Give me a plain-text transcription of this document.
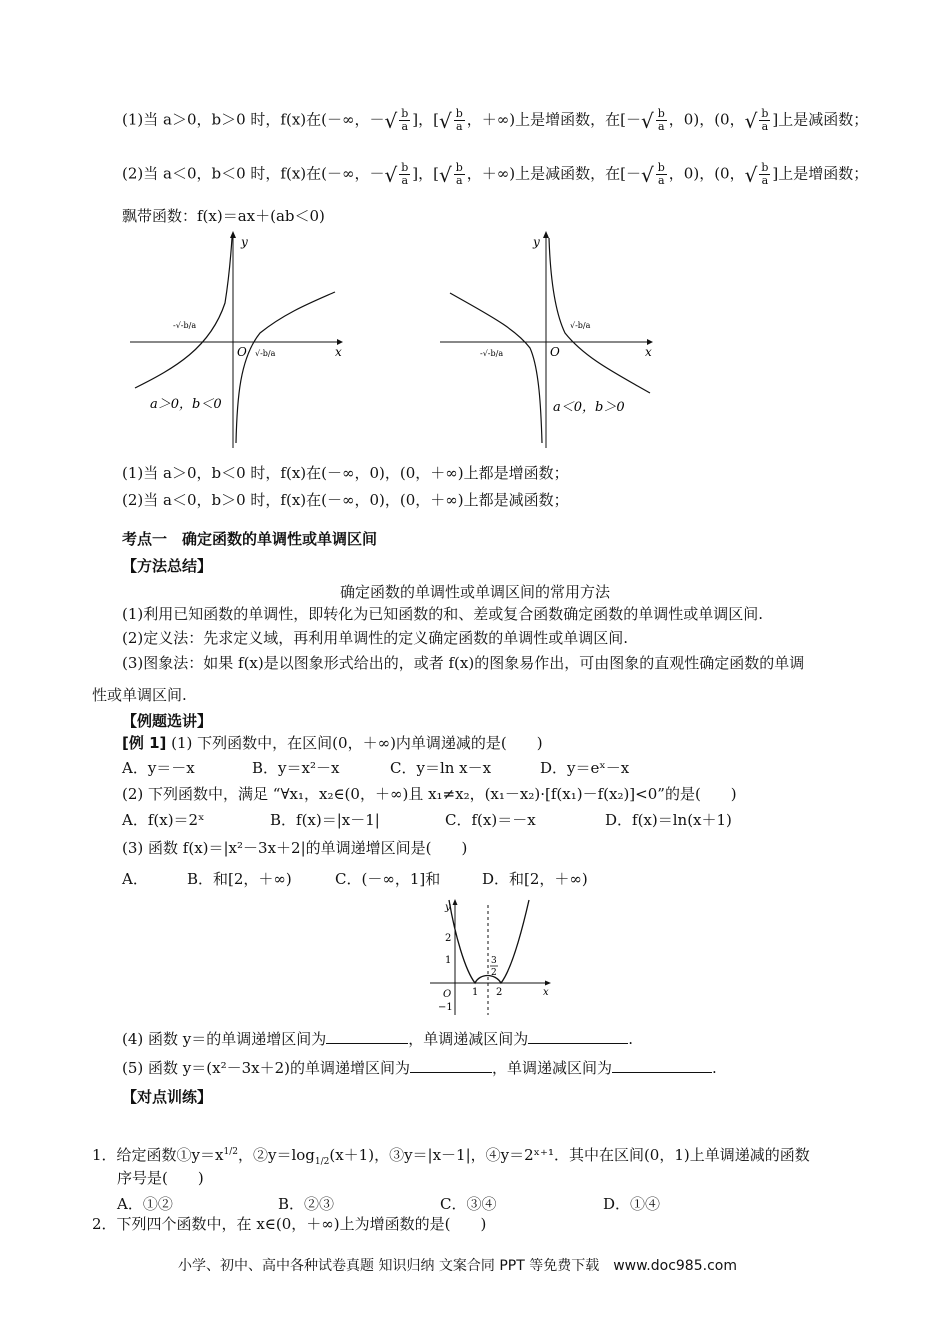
(1)当 a＞0，b＞0 时，f(x)在(－∞，－√ $\frac{b}{a}$ ]，[√ $\frac{b}{a}$ ，＋∞)上是增函数，在[－√ $\frac{b}{a}$ ，0)，(0，√ $\frac{b}{a}$ ]上是减函数；
(2)当 a＜0，b＜0 时，f(x)在(－∞，－√ $\frac{b}{a}$ ]，[√ $\frac{b}{a}$ ，＋∞)上是减函数，在[－√ $\frac{b}{a}$ ，0)，(0，√ $\frac{b}{a}$ ]上是增函数；
飘带函数：f(x)＝ax＋(ab＜0)
y
x
O
-√-b/a
√-b/a
a＞0，b＜0
y
x
O
-√-b/a
√-b/a
a＜0，b＞0
(1)当 a＞0，b＜0 时，f(x)在(－∞，0)，(0，＋∞)上都是增函数；
(2)当 a＜0，b＞0 时，f(x)在(－∞，0)，(0，＋∞)上都是减函数；
考点一　确定函数的单调性或单调区间
【方法总结】
确定函数的单调性或单调区间的常用方法
(1)利用已知函数的单调性，即转化为已知函数的和、差或复合函数确定函数的单调性或单调区间.
(2)定义法：先求定义域，再利用单调性的定义确定函数的单调性或单调区间.
(3)图象法：如果 f(x)是以图象形式给出的，或者 f(x)的图象易作出，可由图象的直观性确定函数的单调
性或单调区间.
【例题选讲】
[例 1] (1) 下列函数中，在区间(0，＋∞)内单调递减的是(　　)
A．y＝－x	B．y＝x²－x	C．y＝ln x－x	D．y＝eˣ－x
(2) 下列函数中，满足 “∀x₁，x₂∈(0，＋∞)且 x₁≠x₂，(x₁－x₂)·[f(x₁)－f(x₂)]<0”的是(　　)
A．f(x)＝2ˣ	B．f(x)＝|x－1|	C．f(x)＝－x	D．f(x)＝ln(x＋1)
(3) 函数 f(x)＝|x²－3x＋2|的单调递增区间是(　　)
A．	B．和[2，＋∞)	C．(－∞，1]和	D．和[2，＋∞)
y
x
O
2
1
−1
1 2
3
2
(4) 函数 y＝的单调递增区间为	，单调递减区间为	.
(5) 函数 y＝(x²－3x＋2)的单调递增区间为	，单调递减区间为	.
【对点训练】
1．给定函数$①y=x^{1/2}$，$②y=\log_{1/2}(x+1)$，③y＝|x－1|，④y＝2ˣ⁺¹．其中在区间(0，1)上单调递减的函数
序号是(　　)
A．①②	B．②③	C．③④	D．①④
2．下列四个函数中，在 x∈(0，＋∞)上为增函数的是(　　)
小学、初中、高中各种试卷真题 知识归纳 文案合同 PPT 等免费下载　www.doc985.com
